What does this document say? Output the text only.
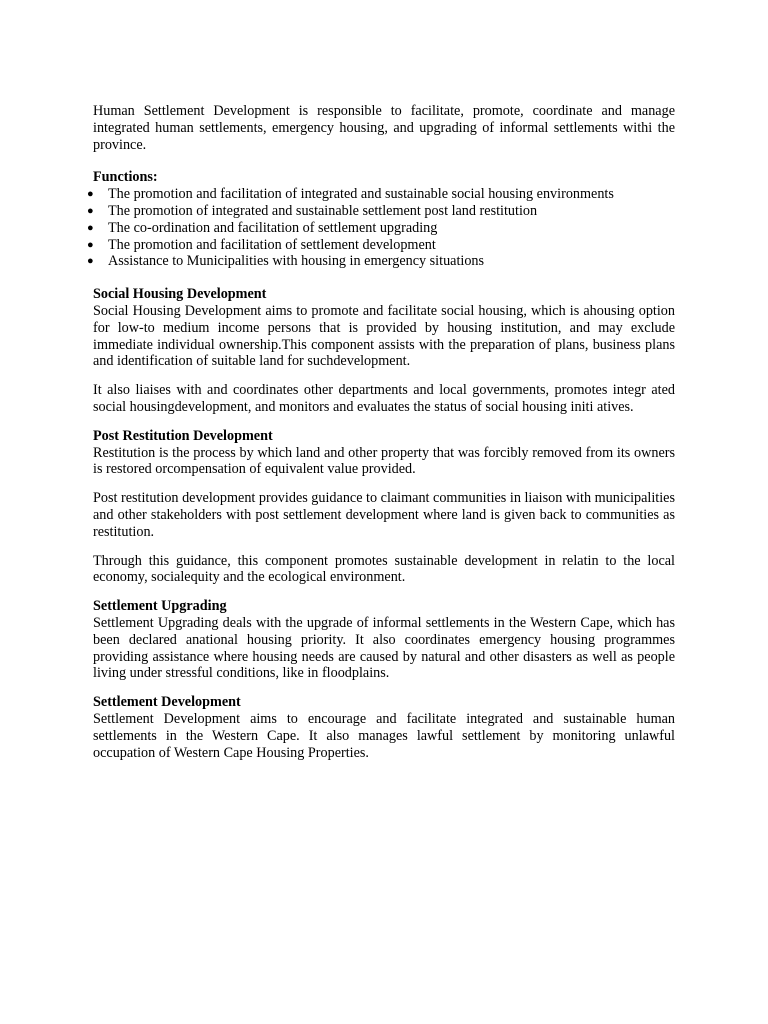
Human Settlement Development is responsible to facilitate, promote, coordinate and manage integrated human settlements, emergency housing, and upgrading of informal settlements withi the province.

Functions:

● The promotion and facilitation of integrated and sustainable social housing environments
● The promotion of integrated and sustainable settlement post land restitution
● The co-ordination and facilitation of settlement upgrading
● The promotion and facilitation of settlement development
● Assistance to Municipalities with housing in emergency situations

Social Housing Development

Social Housing Development aims to promote and facilitate social housing, which is ahousing option for low-to medium income persons that is provided by housing institution, and may exclude immediate individual ownership.This component assists with the preparation of plans, business plans and identification of suitable land for suchdevelopment.

It also liaises with and coordinates other departments and local governments, promotes integr ated social housingdevelopment, and monitors and evaluates the status of social housing initi atives.

Post Restitution Development

Restitution is the process by which land and other property that was forcibly removed from its owners is restored orcompensation of equivalent value provided.

Post restitution development provides guidance to claimant communities in liaison with municipalities and other stakeholders with post settlement development where land is given back to communities as restitution.

Through this guidance, this component promotes sustainable development in relatin to the local economy, socialequity and the ecological environment.

Settlement Upgrading

Settlement Upgrading deals with the upgrade of informal settlements in the Western Cape, which has been declared anational housing priority. It also coordinates emergency housing programmes providing assistance where housing needs are caused by natural and other disasters as well as people living under stressful conditions, like in floodplains.

Settlement Development

Settlement Development aims to encourage and facilitate integrated and sustainable human settlements in the Western Cape. It also manages lawful settlement by monitoring unlawful occupation of Western Cape Housing Properties.
